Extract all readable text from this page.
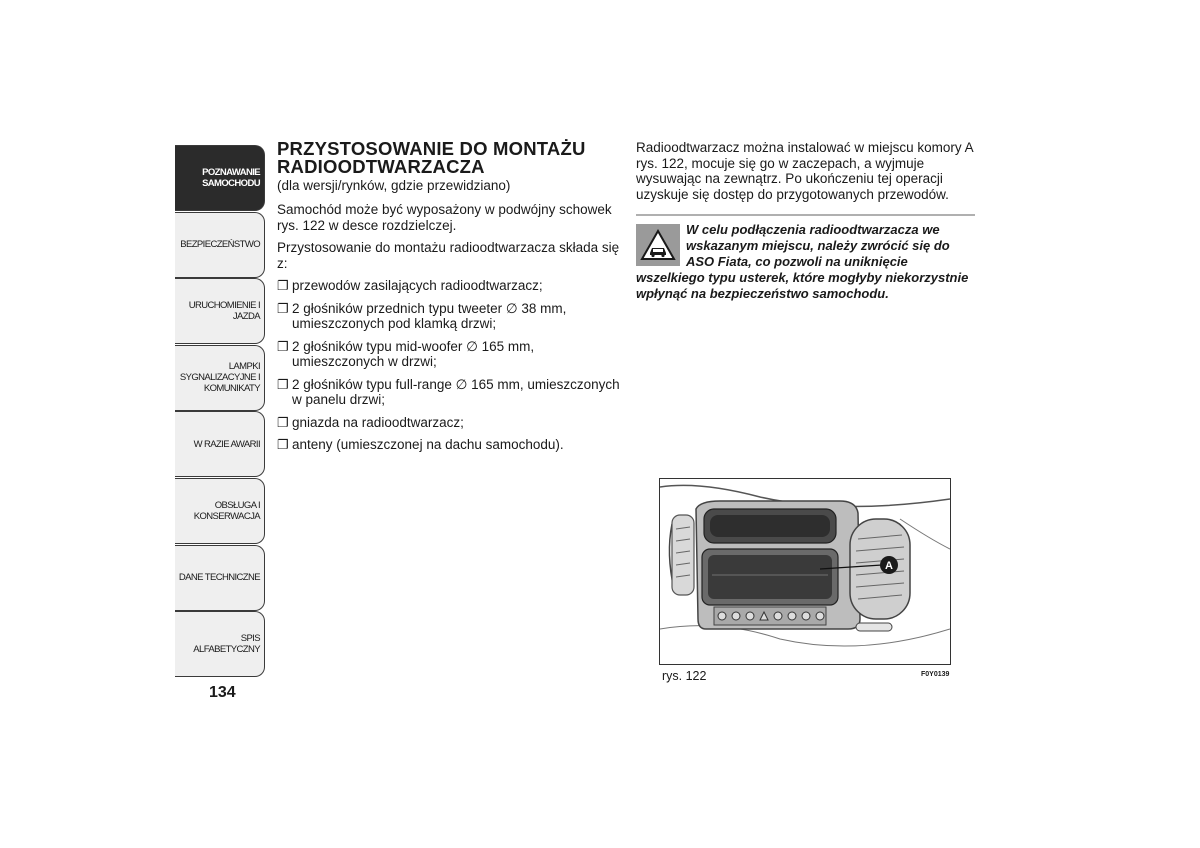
POZNAWANIE
SAMOCHODU
BEZPIECZEŃSTWO
URUCHOMIENIE I
JAZDA
LAMPKI
SYGNALIZACYJNE I
KOMUNIKATY
W RAZIE AWARII
OBSŁUGA I
KONSERWACJA
DANE TECHNICZNE
SPIS ALFABETYCZNY
134
PRZYSTOSOWANIE DO MONTAŻU
RADIOODTWARZACZA
(dla wersji/rynków, gdzie przewidziano)
Samochód może być wyposażony w podwójny schowek rys. 122 w desce rozdzielczej.
Przystosowanie do montażu radioodtwarzacza składa się z:
❐ przewodów zasilających radioodtwarzacz;
❐ 2 głośników przednich typu tweeter ∅ 38 mm, umieszczonych pod klamką drzwi;
❐ 2 głośników typu mid-woofer ∅ 165 mm, umieszczonych w drzwi;
❐ 2 głośników typu full-range ∅ 165 mm, umieszczonych w panelu drzwi;
❐ gniazda na radioodtwarzacz;
❐ anteny (umieszczonej na dachu samochodu).
Radioodtwarzacz można instalować w miejscu komory A rys. 122, mocuje się go w zaczepach, a wyjmuje wysuwając na zewnątrz. Po ukończeniu tej operacji uzyskuje się dostęp do przygotowanych przewodów.
W celu podłączenia radioodtwarzacza we wskazanym miejscu, należy zwrócić się do ASO Fiata, co pozwoli na uniknięcie wszelkiego typu usterek, które mogłyby niekorzystnie wpłynąć na bezpieczeństwo samochodu.
A
rys. 122	F0Y0139
